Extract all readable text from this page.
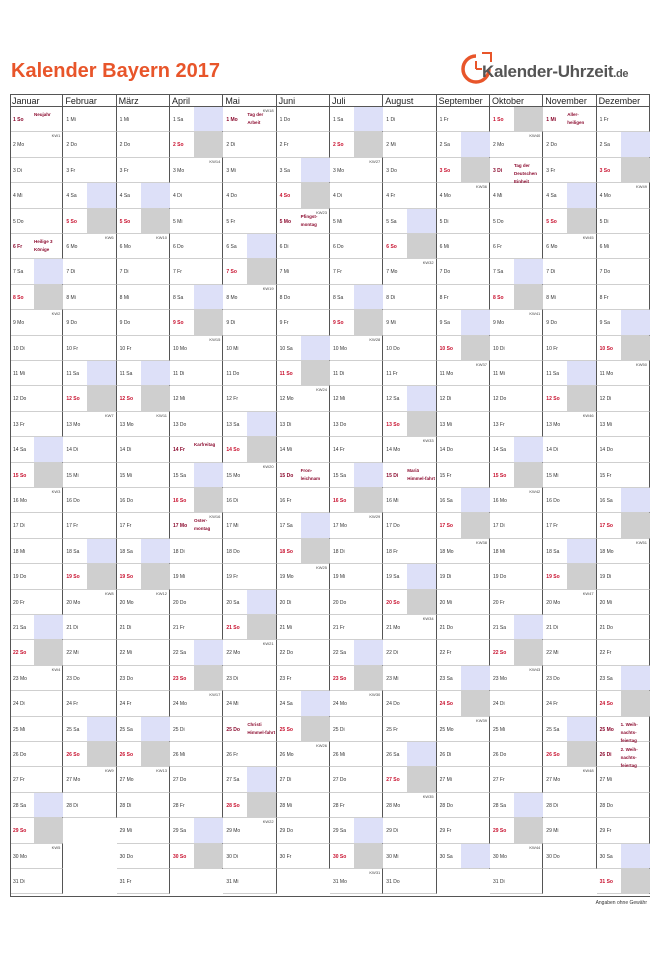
Kalender Bayern 2017	Kalender-Uhrzeit.de
Januar
1 So
Neujahr
2 Mo
KW1
3 Di
4 Mi
5 Do
6 Fr
Heilige 3 Könige
7 Sa
8 So
9 Mo
KW2
10 Di
11 Mi
12 Do
13 Fr
14 Sa
15 So
16 Mo
KW3
17 Di
18 Mi
19 Do
20 Fr
21 Sa
22 So
23 Mo
KW4
24 Di
25 Mi
26 Do
27 Fr
28 Sa
29 So
30 Mo
KW5
31 Di
Februar
1 Mi
2 Do
3 Fr
4 Sa
5 So
6 Mo
KW6
7 Di
8 Mi
9 Do
10 Fr
11 Sa
12 So
13 Mo
KW7
14 Di
15 Mi
16 Do
17 Fr
18 Sa
19 So
20 Mo
KW8
21 Di
22 Mi
23 Do
24 Fr
25 Sa
26 So
27 Mo
KW9
28 Di
März
1 Mi
2 Do
3 Fr
4 Sa
5 So
6 Mo
KW10
7 Di
8 Mi
9 Do
10 Fr
11 Sa
12 So
13 Mo
KW11
14 Di
15 Mi
16 Do
17 Fr
18 Sa
19 So
20 Mo
KW12
21 Di
22 Mi
23 Do
24 Fr
25 Sa
26 So
27 Mo
KW13
28 Di
29 Mi
30 Do
31 Fr
April
1 Sa
2 So
3 Mo
KW14
4 Di
5 Mi
6 Do
7 Fr
8 Sa
9 So
10 Mo
KW15
11 Di
12 Mi
13 Do
14 Fr
Karfreitag
15 Sa
16 So
17 Mo
Oster-montag
KW16
18 Di
19 Mi
20 Do
21 Fr
22 Sa
23 So
24 Mo
KW17
25 Di
26 Mi
27 Do
28 Fr
29 Sa
30 So
Mai
1 Mo
Tag der Arbeit
KW18
2 Di
3 Mi
4 Do
5 Fr
6 Sa
7 So
8 Mo
KW19
9 Di
10 Mi
11 Do
12 Fr
13 Sa
14 So
15 Mo
KW20
16 Di
17 Mi
18 Do
19 Fr
20 Sa
21 So
22 Mo
KW21
23 Di
24 Mi
25 Do
Christi Himmel-fahrt
26 Fr
27 Sa
28 So
29 Mo
KW22
30 Di
31 Mi
Juni
1 Do
2 Fr
3 Sa
4 So
5 Mo
Pfingst-montag
KW23
6 Di
7 Mi
8 Do
9 Fr
10 Sa
11 So
12 Mo
KW24
13 Di
14 Mi
15 Do
Fron-leichnam
16 Fr
17 Sa
18 So
19 Mo
KW25
20 Di
21 Mi
22 Do
23 Fr
24 Sa
25 So
26 Mo
KW26
27 Di
28 Mi
29 Do
30 Fr
Juli
1 Sa
2 So
3 Mo
KW27
4 Di
5 Mi
6 Do
7 Fr
8 Sa
9 So
10 Mo
KW28
11 Di
12 Mi
13 Do
14 Fr
15 Sa
16 So
17 Mo
KW29
18 Di
19 Mi
20 Do
21 Fr
22 Sa
23 So
24 Mo
KW30
25 Di
26 Mi
27 Do
28 Fr
29 Sa
30 So
31 Mo
KW31
August
1 Di
2 Mi
3 Do
4 Fr
5 Sa
6 So
7 Mo
KW32
8 Di
9 Mi
10 Do
11 Fr
12 Sa
13 So
14 Mo
KW33
15 Di
Mariä Himmel-fahrt
16 Mi
17 Do
18 Fr
19 Sa
20 So
21 Mo
KW34
22 Di
23 Mi
24 Do
25 Fr
26 Sa
27 So
28 Mo
KW35
29 Di
30 Mi
31 Do
September
1 Fr
2 Sa
3 So
4 Mo
KW36
5 Di
6 Mi
7 Do
8 Fr
9 Sa
10 So
11 Mo
KW37
12 Di
13 Mi
14 Do
15 Fr
16 Sa
17 So
18 Mo
KW38
19 Di
20 Mi
21 Do
22 Fr
23 Sa
24 So
25 Mo
KW39
26 Di
27 Mi
28 Do
29 Fr
30 Sa
Oktober
1 So
2 Mo
KW40
3 Di
Tag der Deutschen Einheit
4 Mi
5 Do
6 Fr
7 Sa
8 So
9 Mo
KW41
10 Di
11 Mi
12 Do
13 Fr
14 Sa
15 So
16 Mo
KW42
17 Di
18 Mi
19 Do
20 Fr
21 Sa
22 So
23 Mo
KW43
24 Di
25 Mi
26 Do
27 Fr
28 Sa
29 So
30 Mo
KW44
31 Di
November
1 Mi
Aller-heiligen
2 Do
3 Fr
4 Sa
5 So
6 Mo
KW45
7 Di
8 Mi
9 Do
10 Fr
11 Sa
12 So
13 Mo
KW46
14 Di
15 Mi
16 Do
17 Fr
18 Sa
19 So
20 Mo
KW47
21 Di
22 Mi
23 Do
24 Fr
25 Sa
26 So
27 Mo
KW48
28 Di
29 Mi
30 Do
Dezember
1 Fr
2 Sa
3 So
4 Mo
KW49
5 Di
6 Mi
7 Do
8 Fr
9 Sa
10 So
11 Mo
KW50
12 Di
13 Mi
14 Do
15 Fr
16 Sa
17 So
18 Mo
KW51
19 Di
20 Mi
21 Do
22 Fr
23 Sa
24 So
25 Mo
1. Weih-nachts-feiertag
26 Di
2. Weih-nachts-feiertag
27 Mi
28 Do
29 Fr
30 Sa
31 So
Angaben ohne Gewähr
